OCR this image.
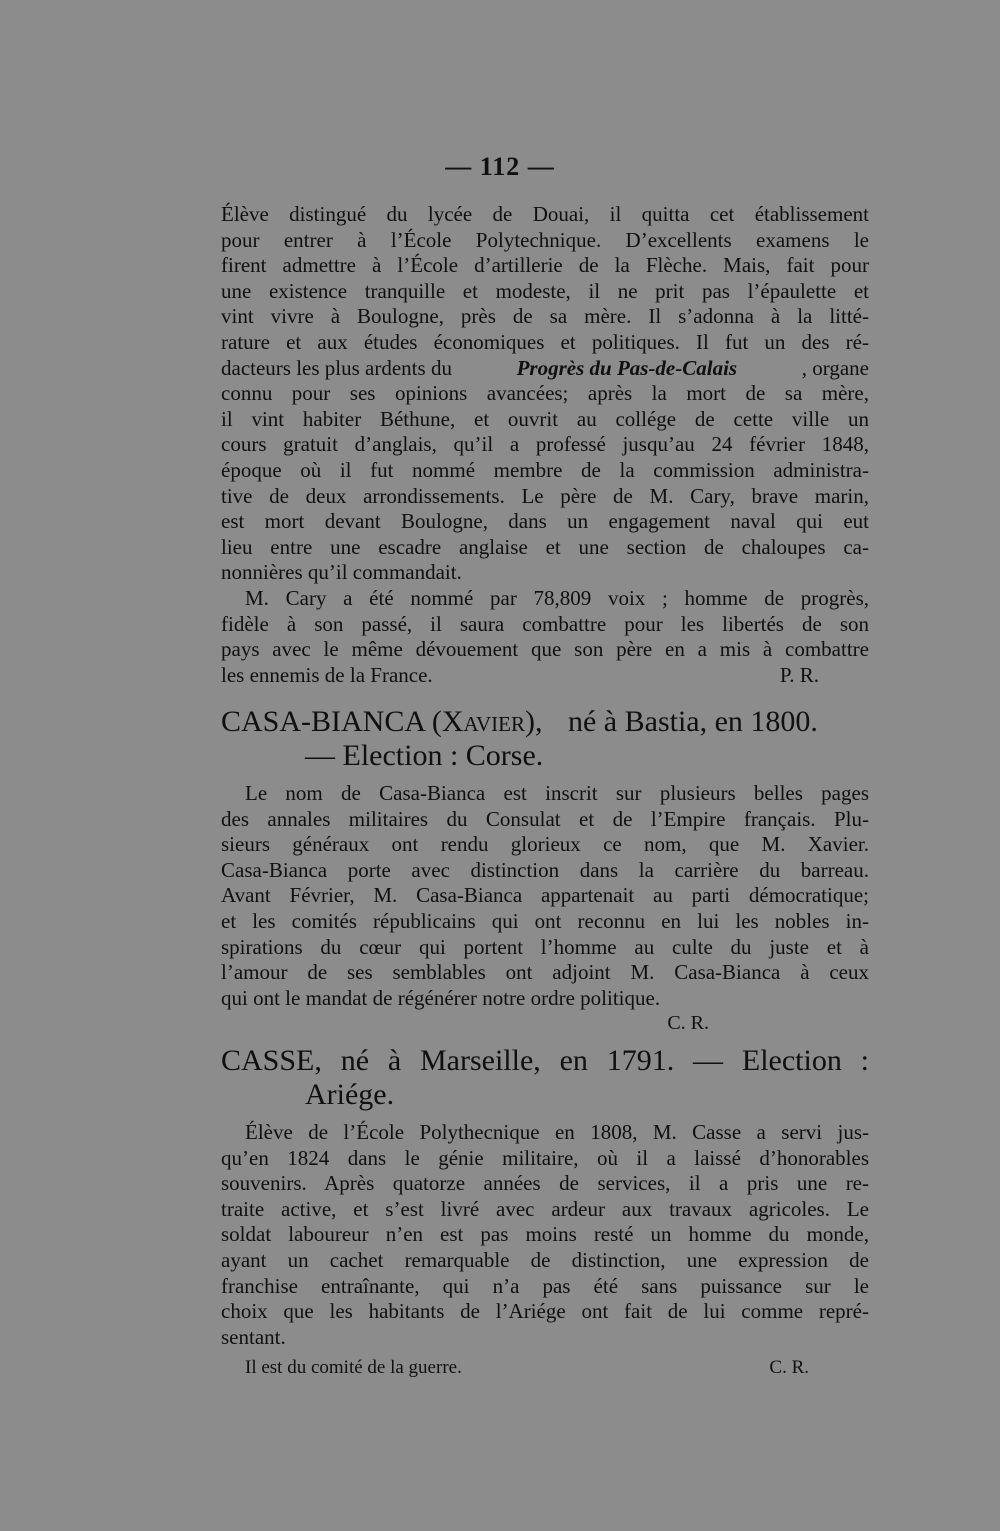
— 112 —
Élève distingué du lycée de Douai, il quitta cet établissement
pour entrer à l’École Polytechnique. D’excellents examens le
firent admettre à l’École d’artillerie de la Flèche. Mais, fait pour
une existence tranquille et modeste, il ne prit pas l’épaulette et
vint vivre à Boulogne, près de sa mère. Il s’adonna à la litté-
rature et aux études économiques et politiques. Il fut un des ré-
dacteurs les plus ardents du	Progrès du Pas-de-Calais	, organe
connu pour ses opinions avancées; après la mort de sa mère,
il vint habiter Béthune, et ouvrit au collége de cette ville un
cours gratuit d’anglais, qu’il a professé jusqu’au 24 février 1848,
époque où il fut nommé membre de la commission administra-
tive de deux arrondissements. Le père de M. Cary, brave marin,
est mort devant Boulogne, dans un engagement naval qui eut
lieu entre une escadre anglaise et une section de chaloupes ca-
nonnières qu’il commandait.
M. Cary a été nommé par 78,809 voix ; homme de progrès,
fidèle à son passé, il saura combattre pour les libertés de son
pays avec le même dévouement que son père en a mis à combattre
les ennemis de la France.	P. R.
CASA-BIANCA (Xavier), né à Bastia, en 1800.
— Election : Corse.
Le nom de Casa-Bianca est inscrit sur plusieurs belles pages
des annales militaires du Consulat et de l’Empire français. Plu-
sieurs généraux ont rendu glorieux ce nom, que M. Xavier.
Casa-Bianca porte avec distinction dans la carrière du barreau.
Avant Février, M. Casa-Bianca appartenait au parti démocratique;
et les comités républicains qui ont reconnu en lui les nobles in-
spirations du cœur qui portent l’homme au culte du juste et à
l’amour de ses semblables ont adjoint M. Casa-Bianca à ceux
qui ont le mandat de régénérer notre ordre politique.
C. R.
CASSE, né à Marseille, en 1791. — Election :
Ariége.
Élève de l’École Polythecnique en 1808, M. Casse a servi jus-
qu’en 1824 dans le génie militaire, où il a laissé d’honorables
souvenirs. Après quatorze années de services, il a pris une re-
traite active, et s’est livré avec ardeur aux travaux agricoles. Le
soldat laboureur n’en est pas moins resté un homme du monde,
ayant un cachet remarquable de distinction, une expression de
franchise entraînante, qui n’a pas été sans puissance sur le
choix que les habitants de l’Ariége ont fait de lui comme repré-
sentant.
Il est du comité de la guerre.	C. R.
